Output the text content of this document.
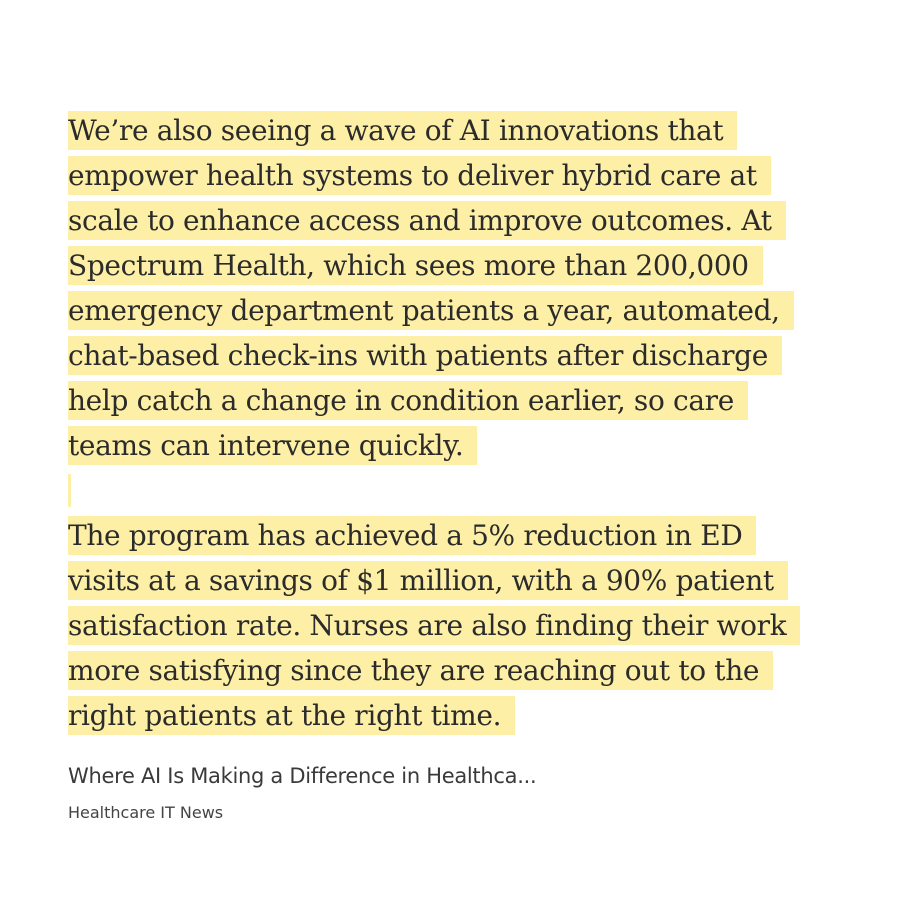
We’re also seeing a wave of AI innovations that
empower health systems to deliver hybrid care at
scale to enhance access and improve outcomes. At
Spectrum Health, which sees more than 200,000
emergency department patients a year, automated,
chat-based check-ins with patients after discharge
help catch a change in condition earlier, so care
teams can intervene quickly.
The program has achieved a 5% reduction in ED
visits at a savings of $1 million, with a 90% patient
satisfaction rate. Nurses are also finding their work
more satisfying since they are reaching out to the
right patients at the right time.
Where AI Is Making a Difference in Healthca...
Healthcare IT News
